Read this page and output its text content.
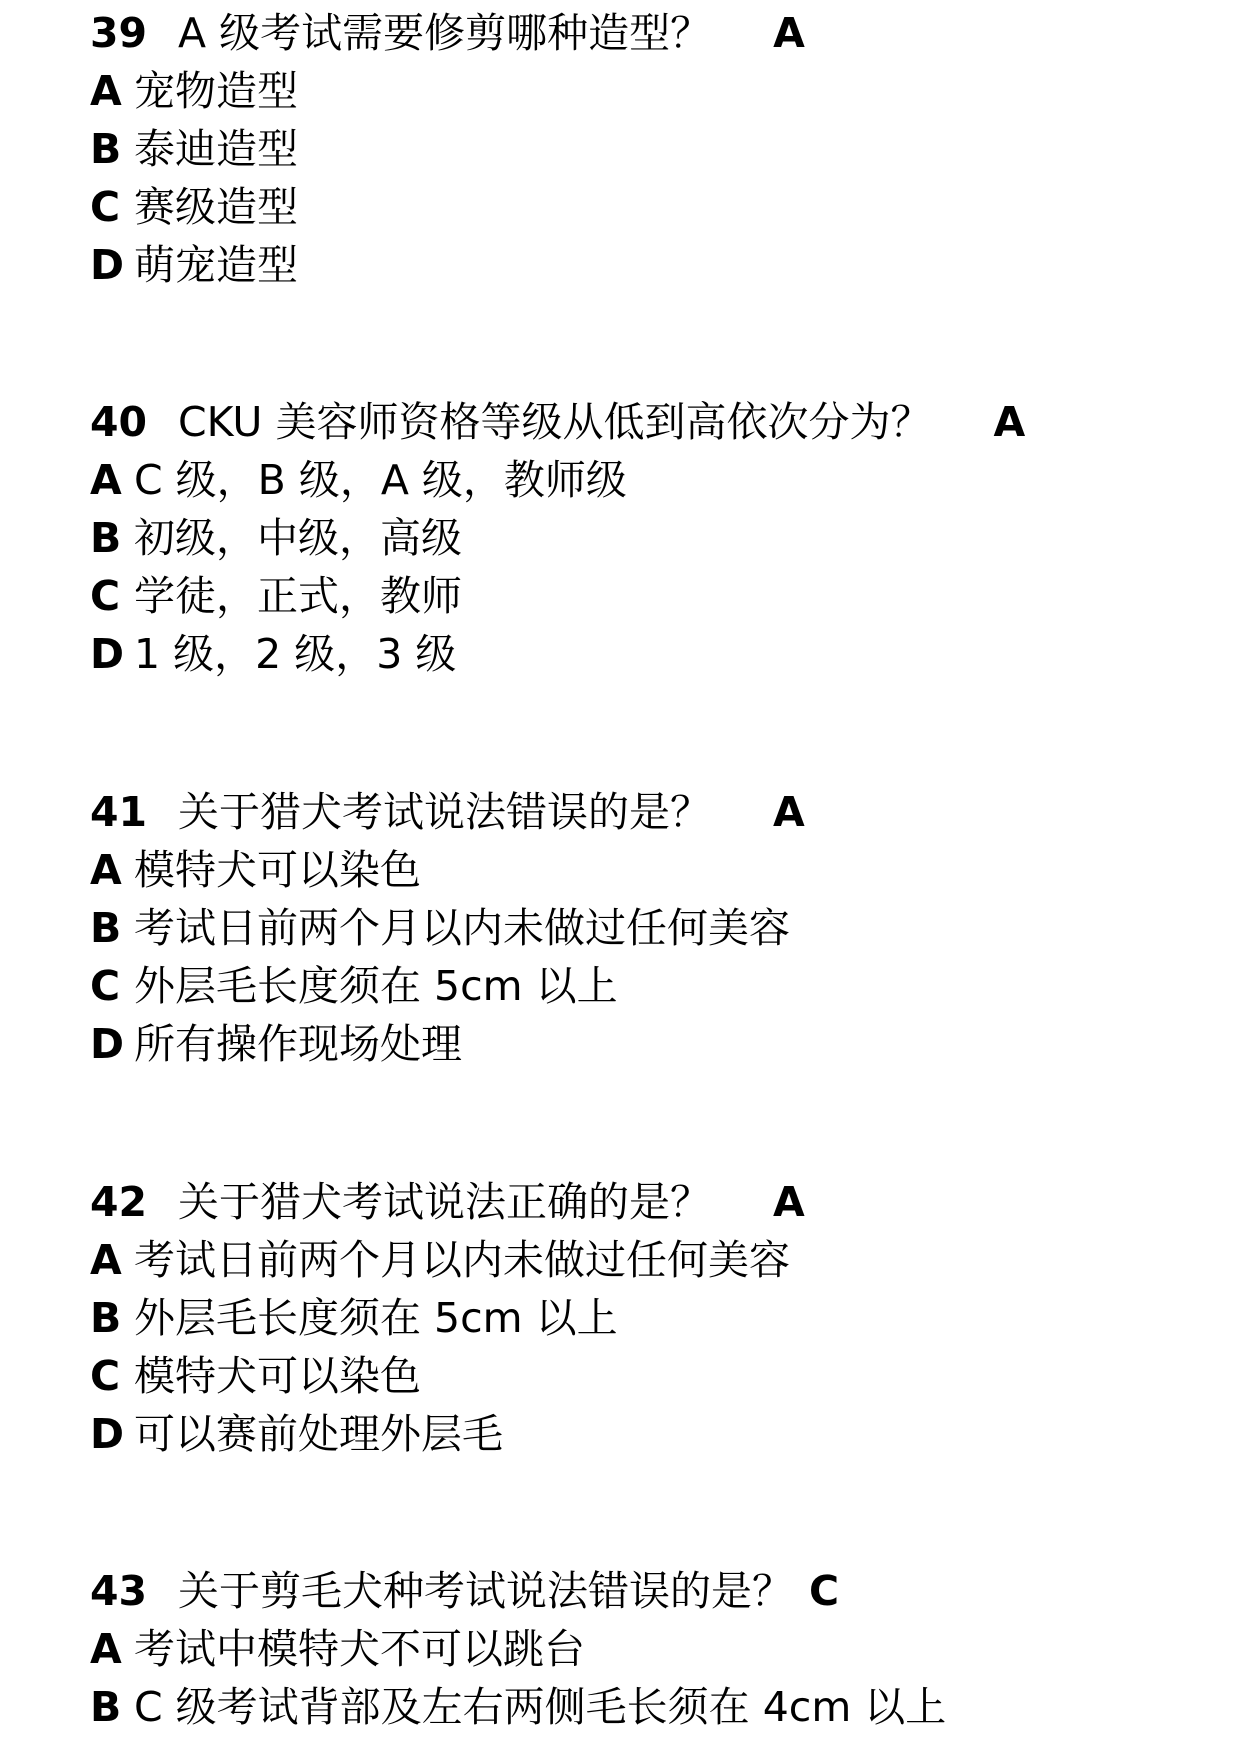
39 A 级考试需要修剪哪种造型？ A
A 宠物造型
B 泰迪造型
C 赛级造型
D 萌宠造型
40 CKU 美容师资格等级从低到高依次分为？ A
A C 级，B 级，A 级，教师级
B 初级，中级，高级
C 学徒，正式，教师
D 1 级，2 级，3 级
41 关于猎犬考试说法错误的是？ A
A 模特犬可以染色
B 考试日前两个月以内未做过任何美容
C 外层毛长度须在 5cm 以上
D 所有操作现场处理
42 关于猎犬考试说法正确的是？ A
A 考试日前两个月以内未做过任何美容
B 外层毛长度须在 5cm 以上
C 模特犬可以染色
D 可以赛前处理外层毛
43 关于剪毛犬种考试说法错误的是？ C
A 考试中模特犬不可以跳台
B C 级考试背部及左右两侧毛长须在 4cm 以上
